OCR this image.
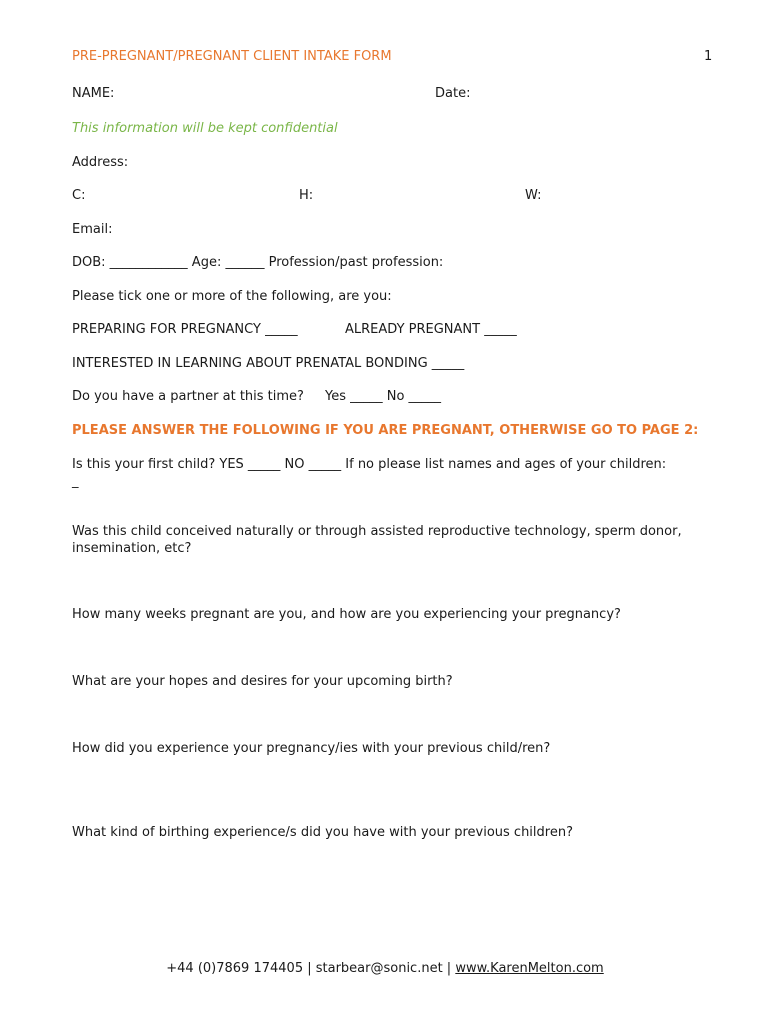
PRE-PREGNANT/PREGNANT CLIENT INTAKE FORM	1
NAME:	Date:
This information will be kept confidential
Address:
C:	H:	W:
Email:
DOB: ____________ Age: ______ Profession/past profession:
Please tick one or more of the following, are you:
PREPARING FOR PREGNANCY _____	ALREADY PREGNANT _____
INTERESTED IN LEARNING ABOUT PRENATAL BONDING _____
Do you have a partner at this time? Yes _____ No _____
PLEASE ANSWER THE FOLLOWING IF YOU ARE PREGNANT, OTHERWISE GO TO PAGE 2:
Is this your first child? YES _____ NO _____ If no please list names and ages of your children:
_
Was this child conceived naturally or through assisted reproductive technology, sperm donor, insemination, etc?
How many weeks pregnant are you, and how are you experiencing your pregnancy?
What are your hopes and desires for your upcoming birth?
How did you experience your pregnancy/ies with your previous child/ren?
What kind of birthing experience/s did you have with your previous children?
+44 (0)7869 174405 | starbear@sonic.net | www.KarenMelton.com
